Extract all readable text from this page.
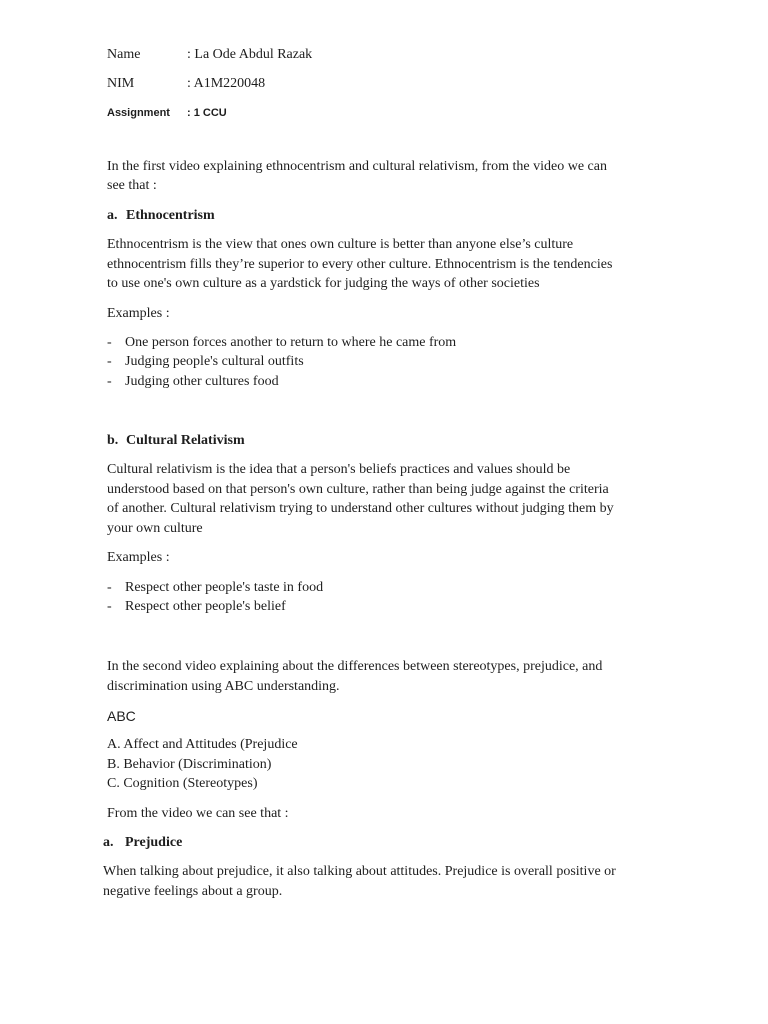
Name	: La Ode Abdul Razak
NIM	: A1M220048
Assignment : 1 CCU
In the first video explaining ethnocentrism and cultural relativism, from the video we can
see that :
a. Ethnocentrism
Ethnocentrism is the view that ones own culture is better than anyone else’s culture
ethnocentrism fills they’re superior to every other culture. Ethnocentrism is the tendencies
to use one's own culture as a yardstick for judging the ways of other societies
Examples :
- One person forces another to return to where he came from
- Judging people's cultural outfits
- Judging other cultures food
b. Cultural Relativism
Cultural relativism is the idea that a person's beliefs practices and values should be
understood based on that person's own culture, rather than being judge against the criteria
of another. Cultural relativism trying to understand other cultures without judging them by
your own culture
Examples :
- Respect other people's taste in food
- Respect other people's belief
In the second video explaining about the differences between stereotypes, prejudice, and
discrimination using ABC understanding.
ABC
A. Affect and Attitudes (Prejudice
B. Behavior (Discrimination)
C. Cognition (Stereotypes)
From the video we can see that :
a. Prejudice
When talking about prejudice, it also talking about attitudes. Prejudice is overall positive or
negative feelings about a group.
